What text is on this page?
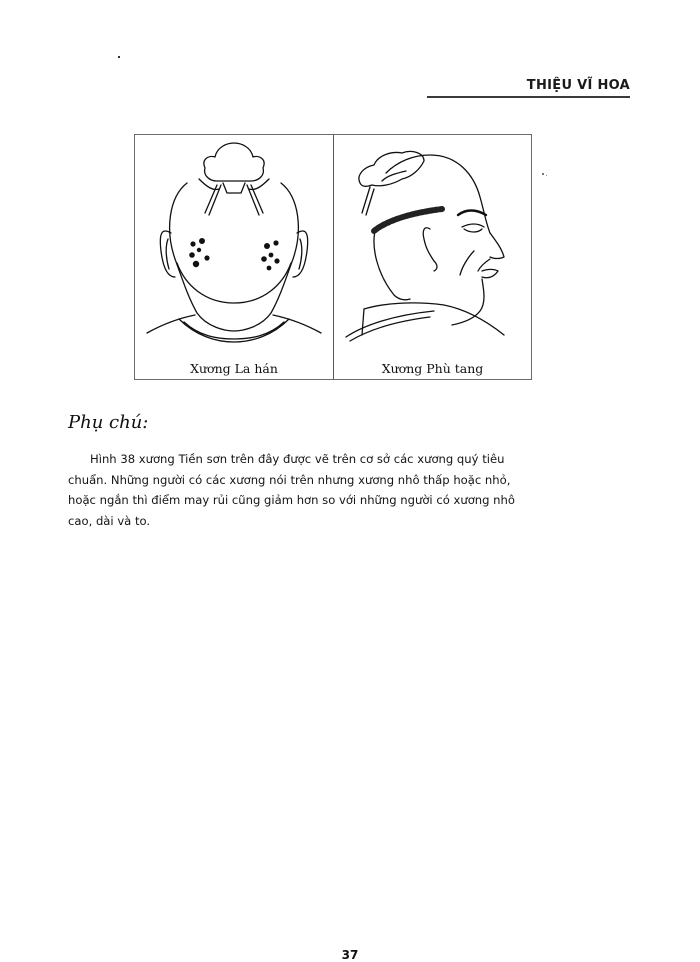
THIỆU VĨ HOA
Xương La hán	Xương Phù tang
Phụ chú:
Hình 38 xương Tiền sơn trên đây được vẽ trên cơ sở các xương quý tiêu
chuẩn. Những người có các xương nói trên nhưng xương nhô thấp hoặc nhỏ,
hoặc ngắn thì điểm may rủi cũng giảm hơn so với những người có xương nhô
cao, dài và to.
37
